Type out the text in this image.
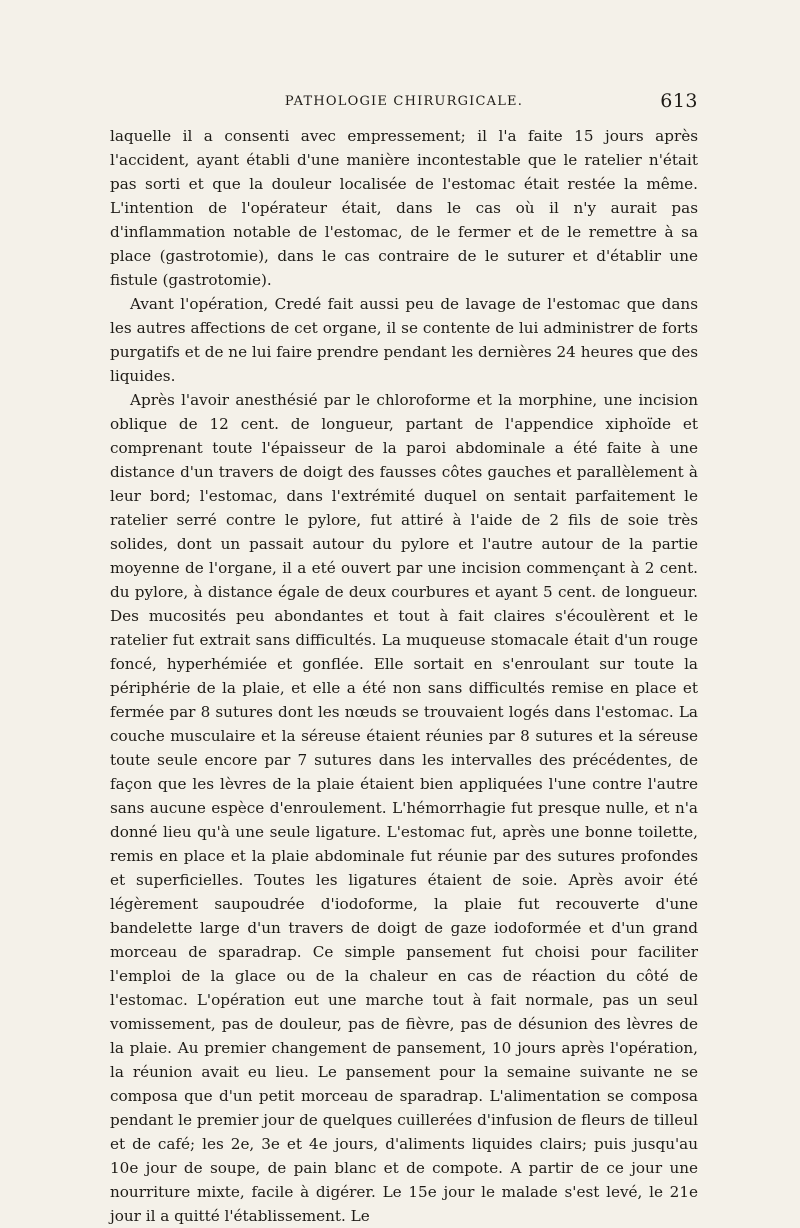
PATHOLOGIE CHIRURGICALE.	613

laquelle il a consenti avec empressement; il l'a faite 15 jours après l'accident, ayant établi d'une manière incontestable que le ratelier n'était pas sorti et que la douleur localisée de l'estomac était restée la même. L'intention de l'opérateur était, dans le cas où il n'y aurait pas d'inflammation notable de l'estomac, de le fermer et de le remettre à sa place (gastrotomie), dans le cas contraire de le suturer et d'établir une fistule (gastrotomie).

Avant l'opération, Credé fait aussi peu de lavage de l'estomac que dans les autres affections de cet organe, il se contente de lui administrer de forts purgatifs et de ne lui faire prendre pendant les dernières 24 heures que des liquides.

Après l'avoir anesthésié par le chloroforme et la morphine, une incision oblique de 12 cent. de longueur, partant de l'appendice xiphoïde et comprenant toute l'épaisseur de la paroi abdominale a été faite à une distance d'un travers de doigt des fausses côtes gauches et parallèlement à leur bord; l'estomac, dans l'extrémité duquel on sentait parfaitement le ratelier serré contre le pylore, fut attiré à l'aide de 2 fils de soie très solides, dont un passait autour du pylore et l'autre autour de la partie moyenne de l'organe, il a eté ouvert par une incision commençant à 2 cent. du pylore, à distance égale de deux courbures et ayant 5 cent. de longueur. Des mucosités peu abondantes et tout à fait claires s'écoulèrent et le ratelier fut extrait sans difficultés. La muqueuse stomacale était d'un rouge foncé, hyperhémiée et gonflée. Elle sortait en s'enroulant sur toute la périphérie de la plaie, et elle a été non sans difficultés remise en place et fermée par 8 sutures dont les nœuds se trouvaient logés dans l'estomac. La couche musculaire et la séreuse étaient réunies par 8 sutures et la séreuse toute seule encore par 7 sutures dans les intervalles des précédentes, de façon que les lèvres de la plaie étaient bien appliquées l'une contre l'autre sans aucune espèce d'enroulement. L'hémorrhagie fut presque nulle, et n'a donné lieu qu'à une seule ligature. L'estomac fut, après une bonne toilette, remis en place et la plaie abdominale fut réunie par des sutures profondes et superficielles. Toutes les ligatures étaient de soie. Après avoir été légèrement saupoudrée d'iodoforme, la plaie fut recouverte d'une bandelette large d'un travers de doigt de gaze iodoformée et d'un grand morceau de sparadrap. Ce simple pansement fut choisi pour faciliter l'emploi de la glace ou de la chaleur en cas de réaction du côté de l'estomac. L'opération eut une marche tout à fait normale, pas un seul vomissement, pas de douleur, pas de fièvre, pas de désunion des lèvres de la plaie. Au premier changement de pansement, 10 jours après l'opération, la réunion avait eu lieu. Le pansement pour la semaine suivante ne se composa que d'un petit morceau de sparadrap. L'alimentation se composa pendant le premier jour de quelques cuillerées d'infusion de fleurs de tilleul et de café; les 2e, 3e et 4e jours, d'aliments liquides clairs; puis jusqu'au 10e jour de soupe, de pain blanc et de compote. A partir de ce jour une nourriture mixte, facile à digérer. Le 15e jour le malade s'est levé, le 21e jour il a quitté l'établissement. Le
